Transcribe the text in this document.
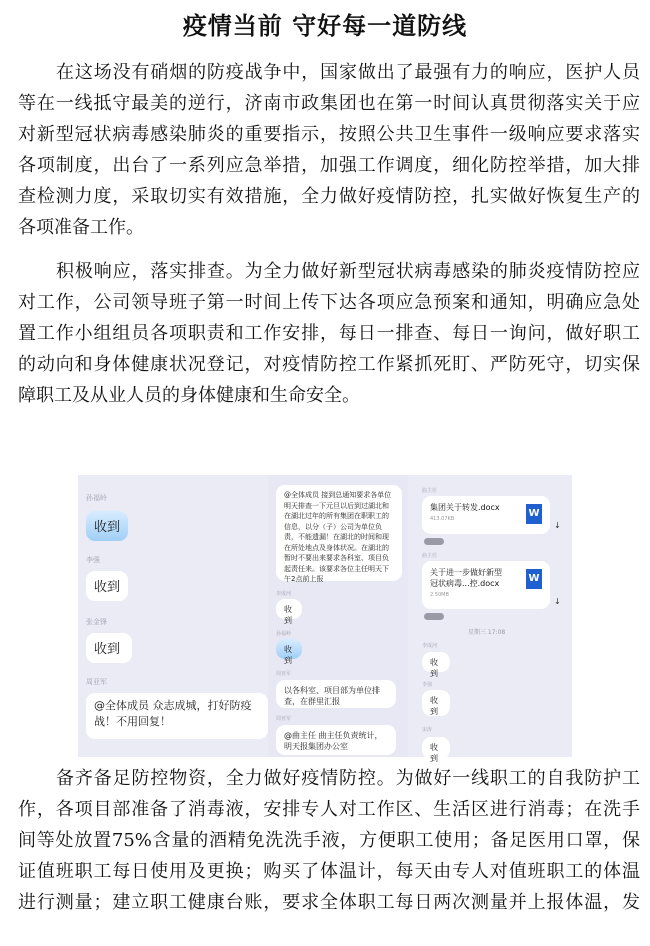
疫情当前 守好每一道防线
在这场没有硝烟的防疫战争中，国家做出了最强有力的响应，医护人员
等在一线抵守最美的逆行，济南市政集团也在第一时间认真贯彻落实关于应
对新型冠状病毒感染肺炎的重要指示，按照公共卫生事件一级响应要求落实
各项制度，出台了一系列应急举措，加强工作调度，细化防控举措，加大排
查检测力度，采取切实有效措施，全力做好疫情防控，扎实做好恢复生产的
各项准备工作。
积极响应，落实排查。为全力做好新型冠状病毒感染的肺炎疫情防控应
对工作，公司领导班子第一时间上传下达各项应急预案和通知，明确应急处
置工作小组组员各项职责和工作安排，每日一排查、每日一询问，做好职工
的动向和身体健康状况登记，对疫情防控工作紧抓死盯、严防死守，切实保
障职工及从业人员的身体健康和生命安全。
孙福岭
收到
李强
收到
张金锋
收到
周亚军
@全体成员 众志成城，打好防疫战！不用回复！
@全体成员 接到总通知要求各单位明天排查一下元旦以后到过湖北和在湖北过年的所有集团在职职工的信息，以分（子）公司为单位负责，不能遗漏！在湖北的时间和现在所处地点及身体状况。在湖北的暂时不要出来要求各科室、项目负起责任来。该要求各位主任明天下午2点前上报
李成河
收到
孙福岭
收到
周亚军
以各科室、项目部为单位排查，在群里汇报
周亚军
@曲主任 曲主任负责统计，明天报集团办公室
曲主任
集团关于转发.docx
413.07KB	W
↓
曲主任
关于进一步做好新型冠状病毒...控.docx
2.50MB
W
↓
星期三 17:08
李成河
收到
李强
收到
宋涛
收到
备齐备足防控物资，全力做好疫情防控。为做好一线职工的自我防护工
作，各项目部准备了消毒液，安排专人对工作区、生活区进行消毒；在洗手
间等处放置75%含量的酒精免洗洗手液，方便职工使用；备足医用口罩，保
证值班职工每日使用及更换；购买了体温计，每天由专人对值班职工的体温
进行测量；建立职工健康台账，要求全体职工每日两次测量并上报体温，发
